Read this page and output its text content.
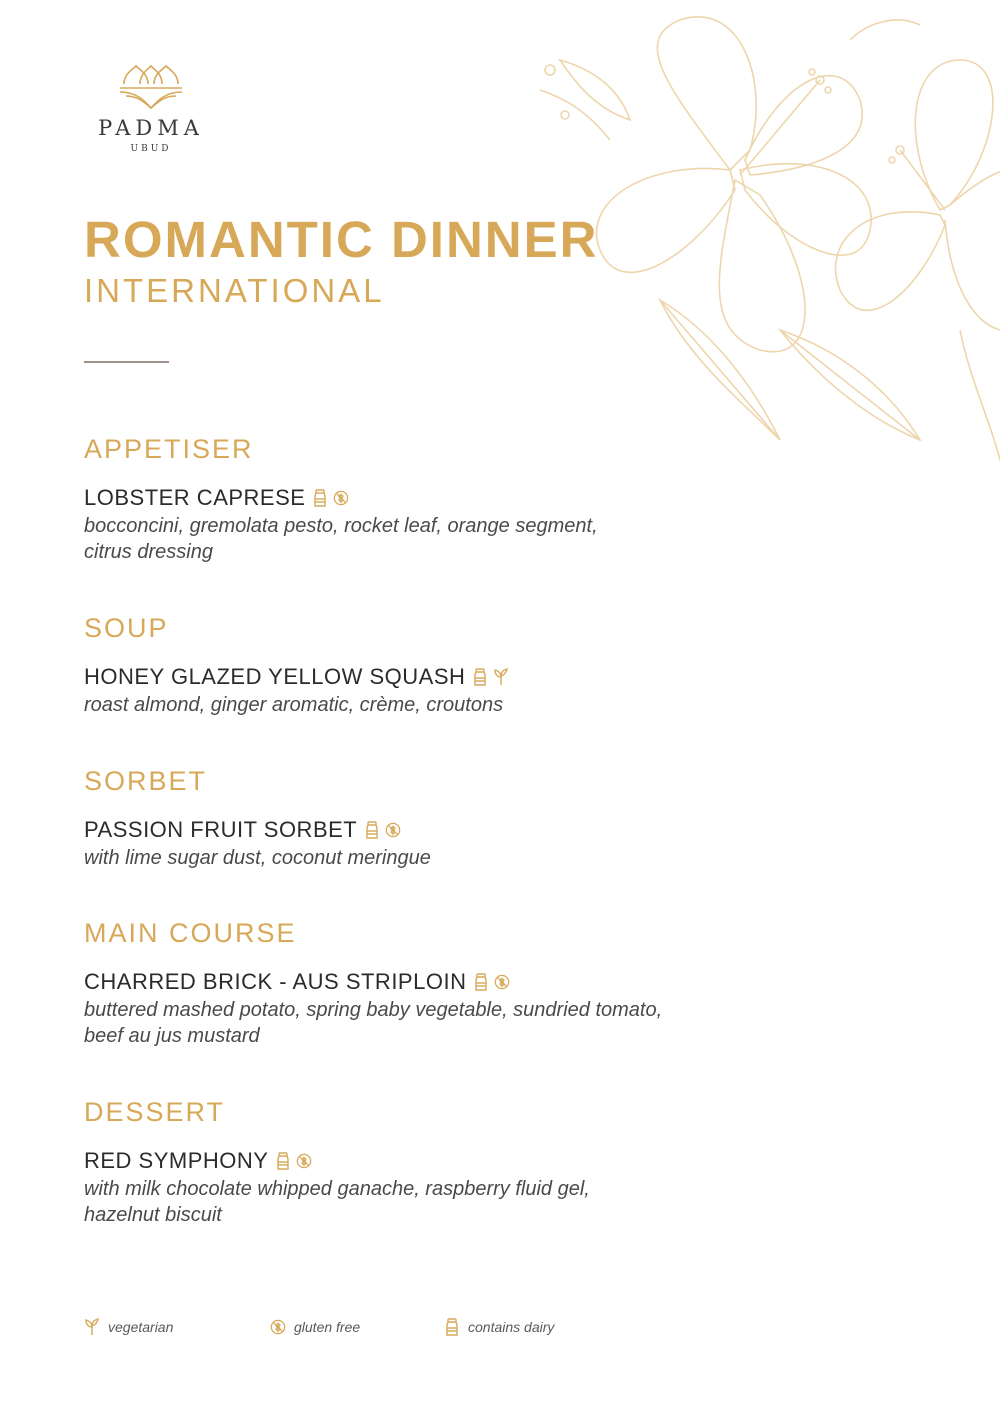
PADMA
UBUD
ROMANTIC DINNER
INTERNATIONAL
APPETISER
LOBSTER CAPRESE
bocconcini, gremolata pesto, rocket leaf, orange segment,
citrus dressing
SOUP
HONEY GLAZED YELLOW SQUASH
roast almond, ginger aromatic, crème, croutons
SORBET
PASSION FRUIT SORBET
with lime sugar dust, coconut meringue
MAIN COURSE
CHARRED BRICK - AUS STRIPLOIN
buttered mashed potato, spring baby vegetable, sundried tomato,
beef au jus mustard
DESSERT
RED SYMPHONY
with milk chocolate whipped ganache, raspberry fluid gel,
hazelnut biscuit
vegetarian	gluten free	contains dairy
